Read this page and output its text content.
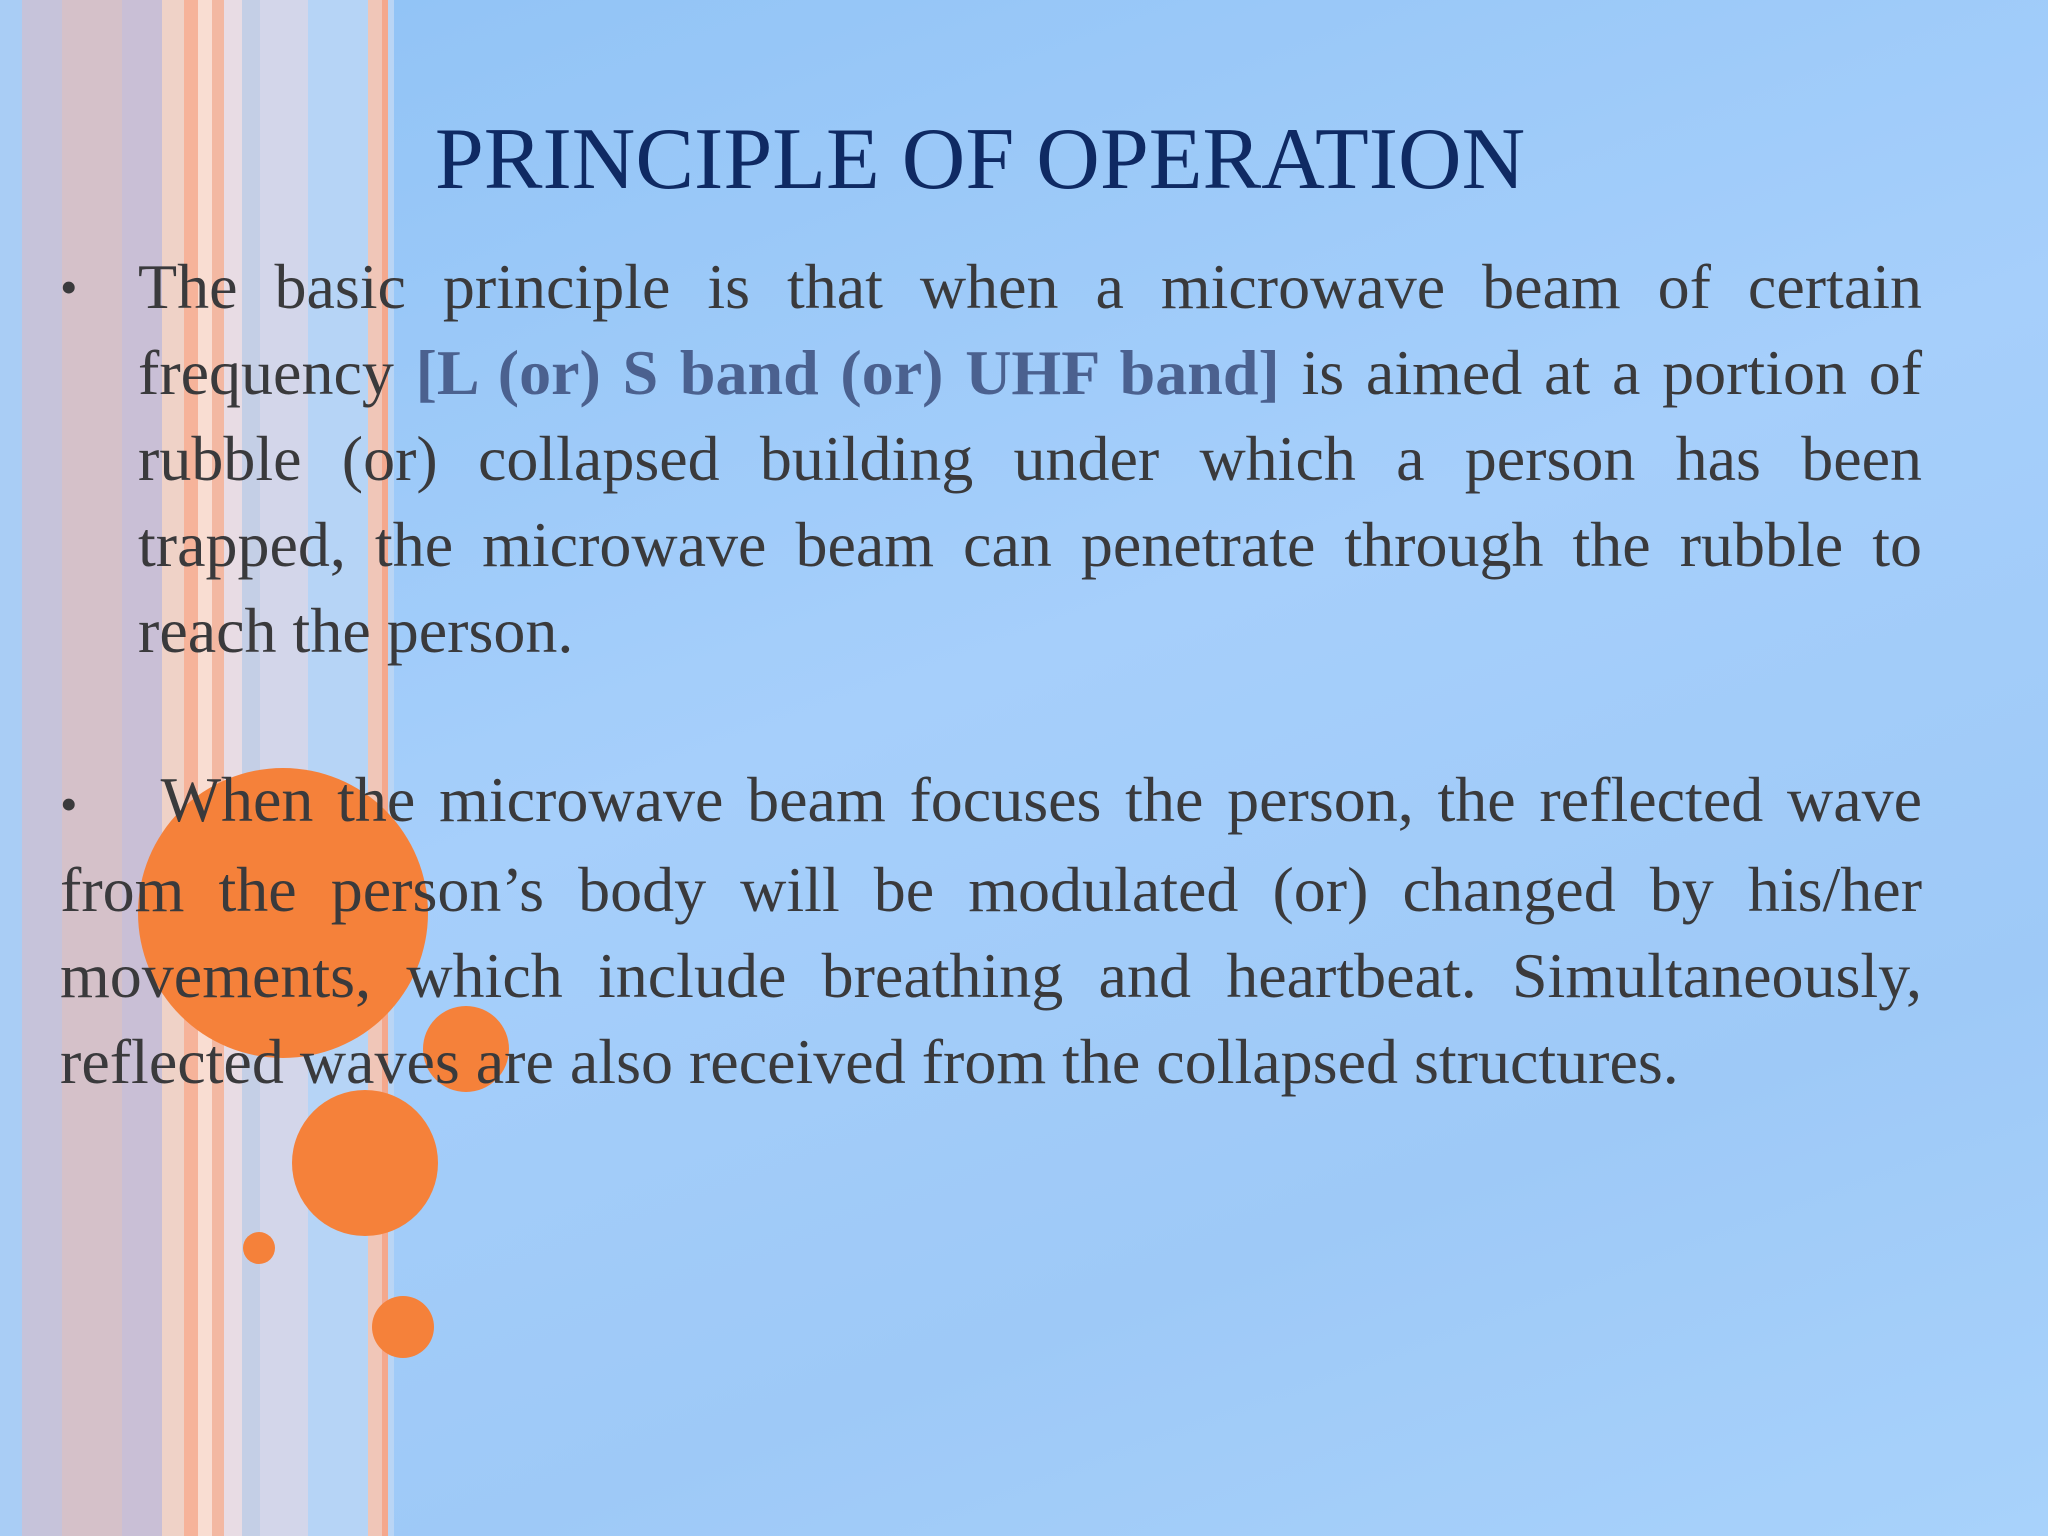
PRINCIPLE OF OPERATION
• The basic principle is that when a microwave beam of certain frequency [L (or) S band (or) UHF band] is aimed at a portion of rubble (or) collapsed building under which a person has been trapped, the microwave beam can penetrate through the rubble to reach the person.
• When the microwave beam focuses the person, the reflected wave from the person’s body will be modulated (or) changed by his/her movements, which include breathing and heartbeat. Simultaneously, reflected waves are also received from the collapsed structures.
